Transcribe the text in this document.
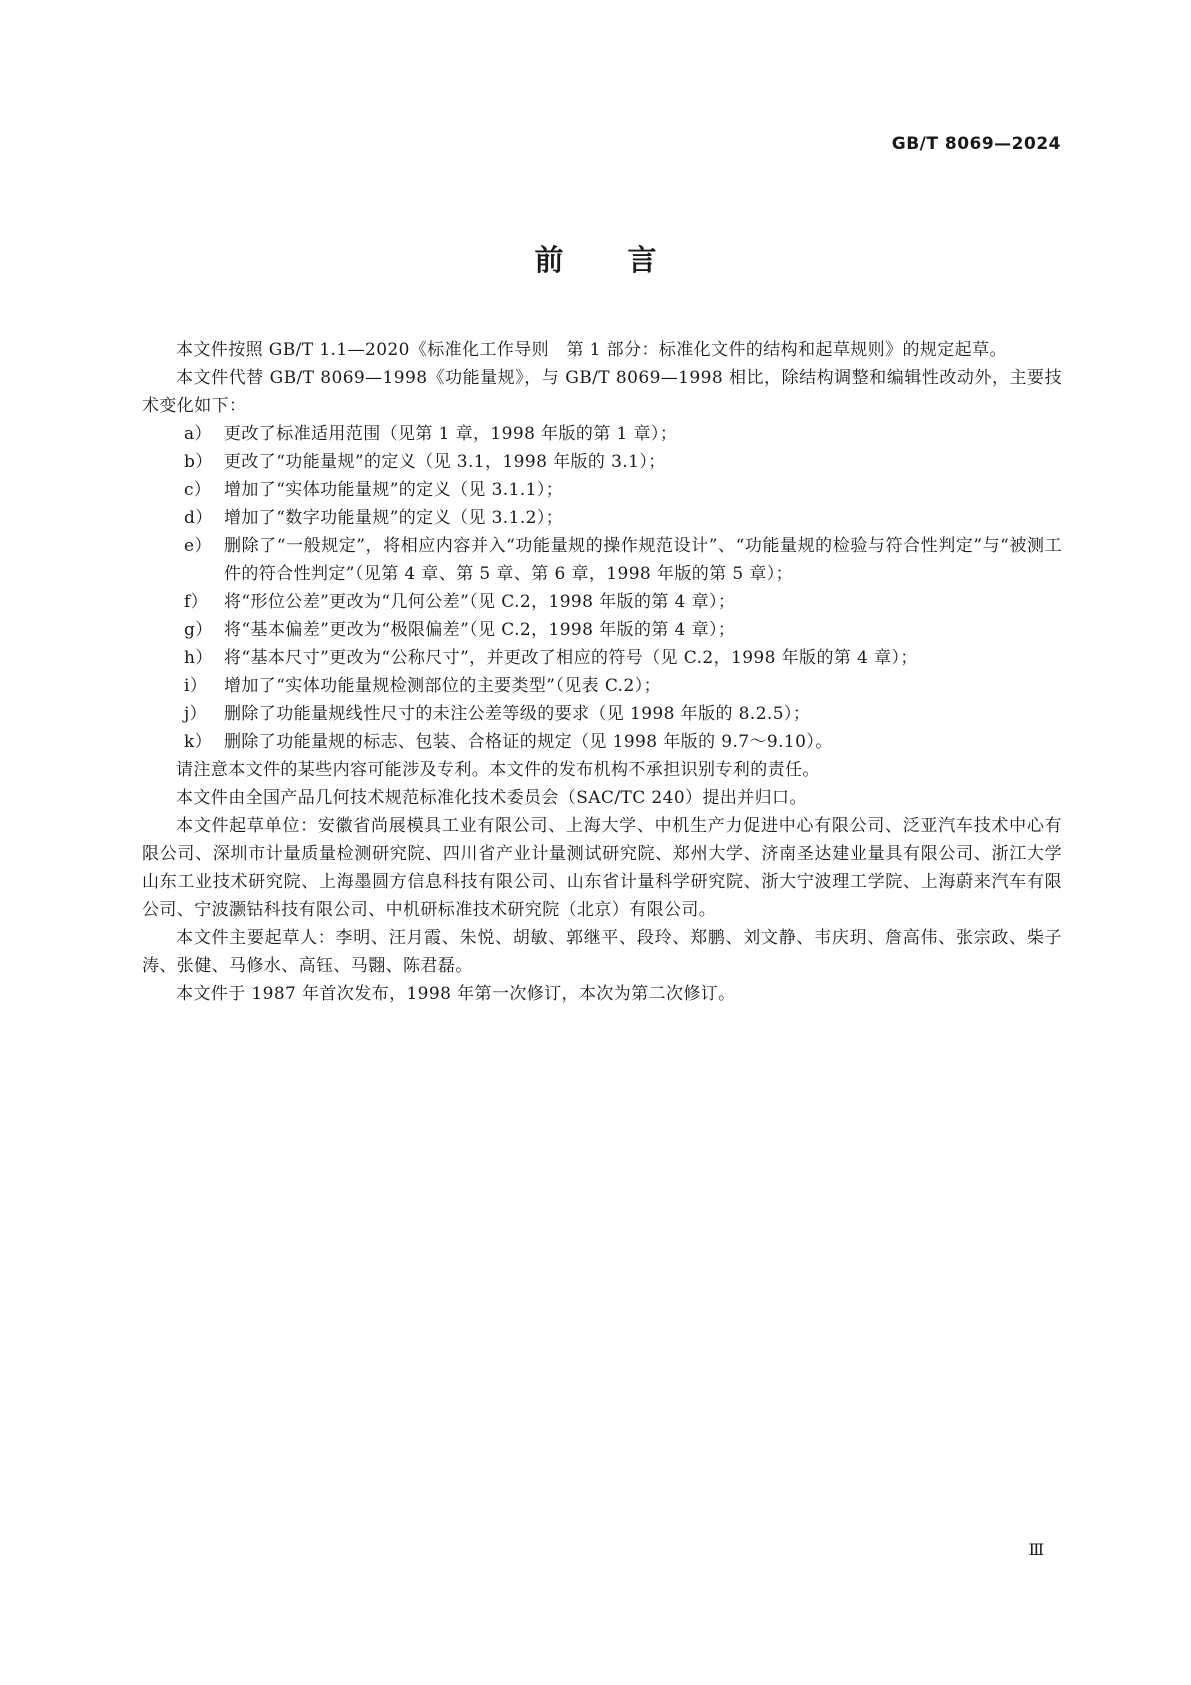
GB/T 8069—2024
前言

本文件按照 GB/T 1.1—2020《标准化工作导则　第 1 部分：标准化文件的结构和起草规则》的规定起草。

本文件代替 GB/T 8069—1998《功能量规》，与 GB/T 8069—1998 相比，除结构调整和编辑性改动外，主要技术变化如下：

a） 更改了标准适用范围（见第 1 章，1998 年版的第 1 章）；
b） 更改了“功能量规”的定义（见 3.1，1998 年版的 3.1）；
c） 增加了“实体功能量规”的定义（见 3.1.1）；
d） 增加了“数字功能量规”的定义（见 3.1.2）；
e） 删除了“一般规定”，将相应内容并入“功能量规的操作规范设计”、“功能量规的检验与符合性判定”与“被测工件的符合性判定”（见第 4 章、第 5 章、第 6 章，1998 年版的第 5 章）；
f） 将“形位公差”更改为“几何公差”（见 C.2，1998 年版的第 4 章）；
g） 将“基本偏差”更改为“极限偏差”（见 C.2，1998 年版的第 4 章）；
h） 将“基本尺寸”更改为“公称尺寸”，并更改了相应的符号（见 C.2，1998 年版的第 4 章）；
i） 增加了“实体功能量规检测部位的主要类型”（见表 C.2）；
j） 删除了功能量规线性尺寸的未注公差等级的要求（见 1998 年版的 8.2.5）；
k） 删除了功能量规的标志、包装、合格证的规定（见 1998 年版的 9.7～9.10）。

请注意本文件的某些内容可能涉及专利。本文件的发布机构不承担识别专利的责任。

本文件由全国产品几何技术规范标准化技术委员会（SAC/TC 240）提出并归口。

本文件起草单位：安徽省尚展模具工业有限公司、上海大学、中机生产力促进中心有限公司、泛亚汽车技术中心有限公司、深圳市计量质量检测研究院、四川省产业计量测试研究院、郑州大学、济南圣达建业量具有限公司、浙江大学山东工业技术研究院、上海墨圆方信息科技有限公司、山东省计量科学研究院、浙大宁波理工学院、上海蔚来汽车有限公司、宁波灏钴科技有限公司、中机研标准技术研究院（北京）有限公司。

本文件主要起草人：李明、汪月霞、朱悦、胡敏、郭继平、段玲、郑鹏、刘文静、韦庆玥、詹高伟、张宗政、柴子涛、张健、马修水、高钰、马翾、陈君磊。

本文件于 1987 年首次发布，1998 年第一次修订，本次为第二次修订。

Ⅲ
